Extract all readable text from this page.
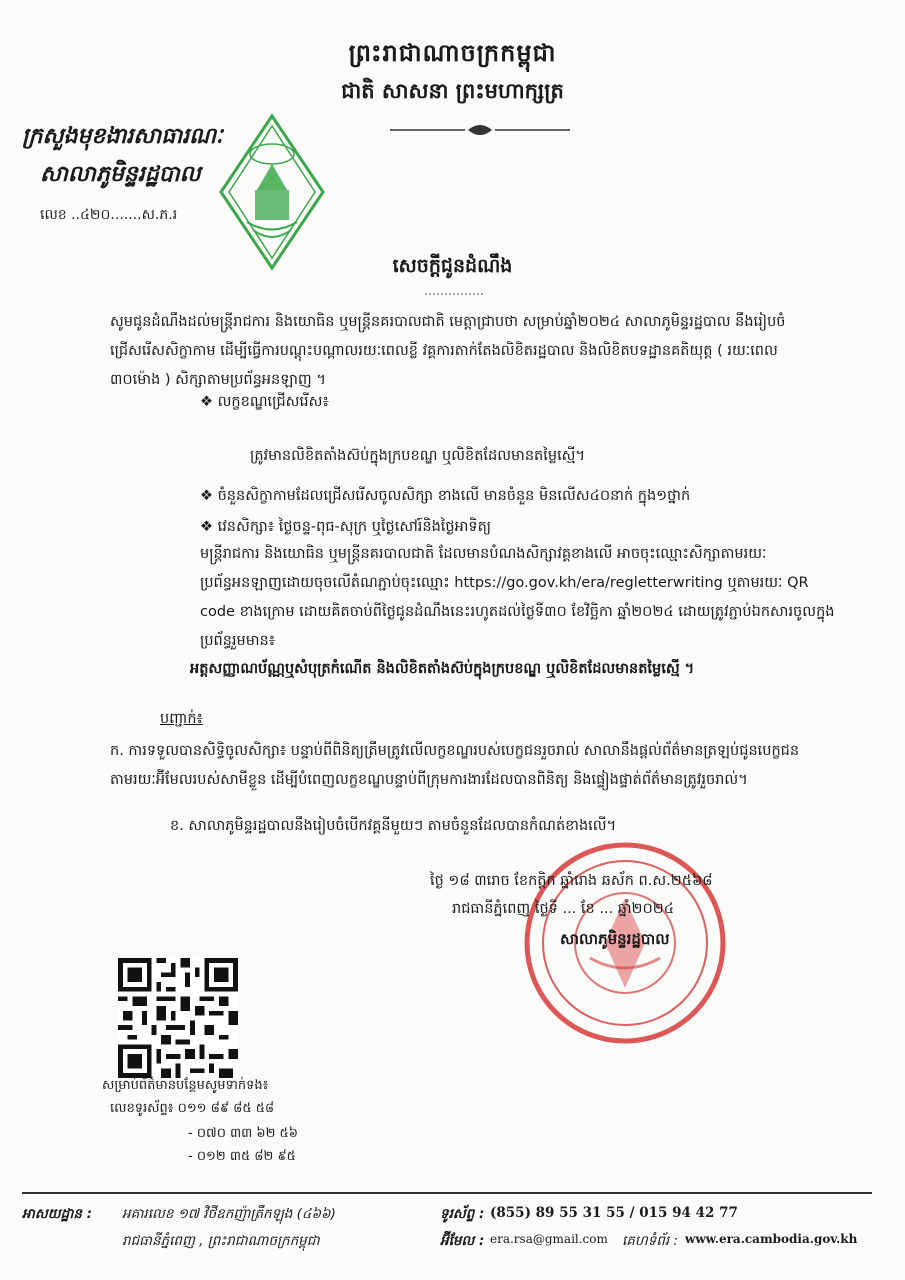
ព្រះរាជាណាចក្រកម្ពុជា
ជាតិ សាសនា ព្រះមហាក្សត្រ
ក្រសួងមុខងារសាធារណៈ
សាលាភូមិន្ទរដ្ឋបាល
លេខ ..៤២០.......ស.ភ.រ
សេចក្តីជូនដំណឹង
សូមជូនដំណឹងដល់មន្ត្រីរាជការ និងយោធិន ឬមន្ត្រីនគរបាលជាតិ មេត្តាជ្រាបថា សម្រាប់ឆ្នាំ២០២៤ សាលាភូមិន្ទរដ្ឋបាល នឹងរៀបចំជ្រើសរើសសិក្ខាកាម ដើម្បីធ្វើការបណ្តុះបណ្តាលរយៈពេលខ្លី វគ្គការតាក់តែងលិខិតរដ្ឋបាល និងលិខិតបទដ្ឋានគតិយុត្ត ( រយៈពេល ៣០ម៉ោង ) សិក្សាតាមប្រព័ន្ធអនឡាញ ។
❖ លក្ខខណ្ឌជ្រើសរើស៖
ត្រូវមានលិខិតតាំងស៊ប់ក្នុងក្របខណ្ឌ ឬលិខិតដែលមានតម្លៃស្មើ។
❖ ចំនួនសិក្ខាកាមដែលជ្រើសរើសចូលសិក្សា ខាងលើ មានចំនួន មិនលើស៤០នាក់ ក្នុង១ថ្នាក់
❖ វេនសិក្សា៖ ថ្ងៃចន្ទ-ពុធ-សុក្រ ឬថ្ងៃសៅរ៍និងថ្ងៃអាទិត្យ
មន្ត្រីរាជការ និងយោធិន ឬមន្ត្រីនគរបាលជាតិ ដែលមានបំណងសិក្សាវគ្គខាងលើ អាចចុះឈ្មោះសិក្សាតាមរយៈប្រព័ន្ធអនឡាញដោយចុចលើតំណភ្ជាប់ចុះឈ្មោះ https://go.gov.kh/era/regletterwriting ឬតាមរយៈ QR code ខាងក្រោម ដោយគិតចាប់ពីថ្ងៃជូនដំណឹងនេះរហូតដល់ថ្ងៃទី៣០ ខែវិច្ឆិកា ឆ្នាំ២០២៤ ដោយត្រូវភ្ជាប់ឯកសារចូលក្នុងប្រព័ន្ធរួមមាន៖
អត្តសញ្ញាណប័ណ្ណឬសំបុត្រកំណើត និងលិខិតតាំងស៊ប់ក្នុងក្របខណ្ឌ ឬលិខិតដែលមានតម្លៃស្មើ ។
បញ្ជាក់៖
ក. ការទទួលបានសិទ្ធិចូលសិក្សា៖ បន្ទាប់ពីពិនិត្យត្រឹមត្រូវលើលក្ខខណ្ឌរបស់បេក្ខជនរួចរាល់ សាលានឹងផ្តល់ព័ត៌មានត្រឡប់ជូនបេក្ខជនតាមរយៈអ៊ីមែលរបស់សាមីខ្លួន ដើម្បីបំពេញលក្ខខណ្ឌបន្ទាប់ពីក្រុមការងារដែលបានពិនិត្យ និងផ្ទៀងផ្ទាត់ព័ត៌មានត្រូវរួចរាល់។
ខ. សាលាភូមិន្ទរដ្ឋបាលនឹងរៀបចំបើកវគ្គនីមួយៗ តាមចំនួនដែលបានកំណត់ខាងលើ។
ថ្ងៃ ១៨ ៣រោច ខែកត្តិក ឆ្នាំរោង ឆស័ក ព.ស.២៥៦៨
រាជធានីភ្នំពេញ ថ្ងៃទី ... ខែ ... ឆ្នាំ២០២៤
សាលាភូមិន្ទរដ្ឋបាល
សម្រាប់ព័ត៌មានបន្ថែមសូមទាក់ទង៖
លេខទូរស័ព្ទ៖ ០១១ ៨៩ ៨៥ ៥៨
- ០៧០ ៣៣ ៦២ ៥៦
- ០១២ ៣៥ ៨២ ៩៥
អាសយដ្ឋាន : អគារលេខ ១៧ វិថីឧកញ៉ាត្រឹកឡុង (៤៦៦)
រាជធានីភ្នំពេញ , ព្រះរាជាណាចក្រកម្ពុជា
ទូរស័ព្ទ : (855) 89 55 31 55 / 015 94 42 77
អ៊ីមែល : era.rsa@gmail.com គេហទំព័រ : www.era.cambodia.gov.kh
